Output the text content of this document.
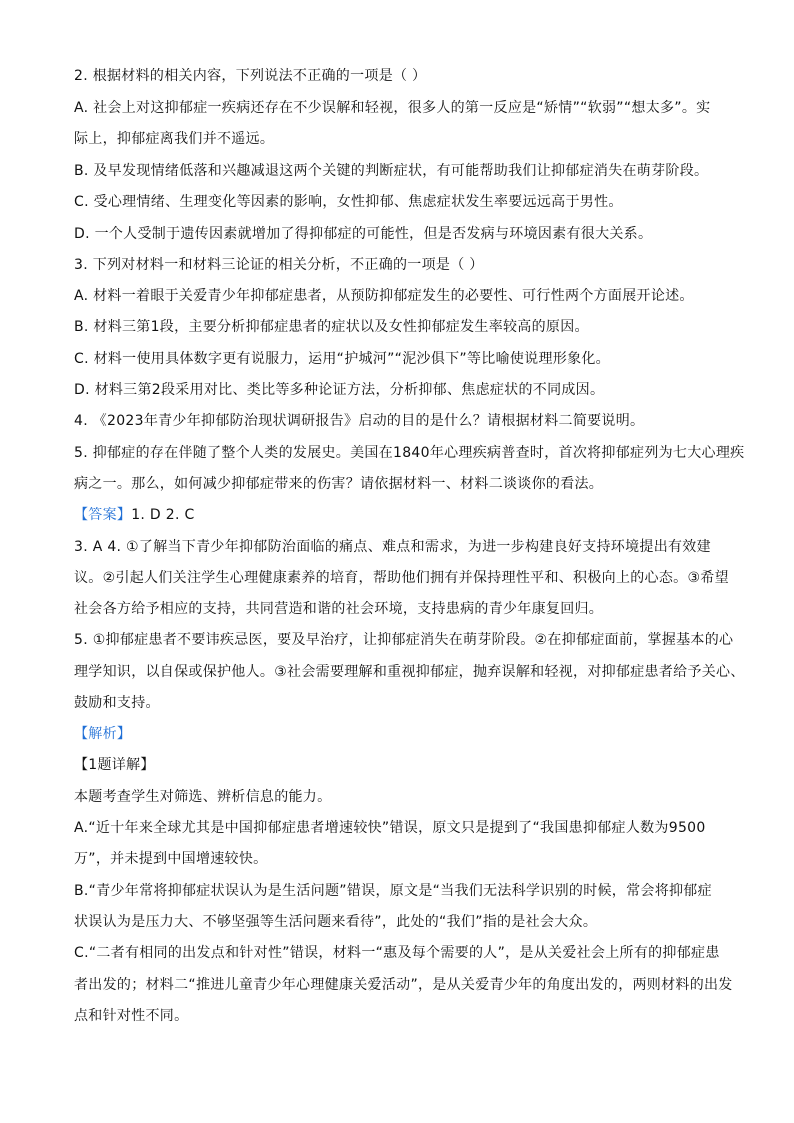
2. 根据材料的相关内容，下列说法不正确的一项是（ ）
A. 社会上对这抑郁症一疾病还存在不少误解和轻视，很多人的第一反应是“矫情”“软弱”“想太多”。实
际上，抑郁症离我们并不遥远。
B. 及早发现情绪低落和兴趣减退这两个关键的判断症状，有可能帮助我们让抑郁症消失在萌芽阶段。
C. 受心理情绪、生理变化等因素的影响，女性抑郁、焦虑症状发生率要远远高于男性。
D. 一个人受制于遗传因素就增加了得抑郁症的可能性，但是否发病与环境因素有很大关系。
3. 下列对材料一和材料三论证的相关分析，不正确的一项是（ ）
A. 材料一着眼于关爱青少年抑郁症患者，从预防抑郁症发生的必要性、可行性两个方面展开论述。
B. 材料三第1段，主要分析抑郁症患者的症状以及女性抑郁症发生率较高的原因。
C. 材料一使用具体数字更有说服力，运用“护城河”“泥沙俱下”等比喻使说理形象化。
D. 材料三第2段采用对比、类比等多种论证方法，分析抑郁、焦虑症状的不同成因。
4. 《2023年青少年抑郁防治现状调研报告》启动的目的是什么？请根据材料二简要说明。
5. 抑郁症的存在伴随了整个人类的发展史。美国在1840年心理疾病普查时，首次将抑郁症列为七大心理疾
病之一。那么，如何减少抑郁症带来的伤害？请依据材料一、材料二谈谈你的看法。
【答案】1. D 2. C
3. A 4. ①了解当下青少年抑郁防治面临的痛点、难点和需求，为进一步构建良好支持环境提出有效建
议。②引起人们关注学生心理健康素养的培育，帮助他们拥有并保持理性平和、积极向上的心态。③希望
社会各方给予相应的支持，共同营造和谐的社会环境，支持患病的青少年康复回归。
5. ①抑郁症患者不要讳疾忌医，要及早治疗，让抑郁症消失在萌芽阶段。②在抑郁症面前，掌握基本的心
理学知识，以自保或保护他人。③社会需要理解和重视抑郁症，抛弃误解和轻视，对抑郁症患者给予关心、
鼓励和支持。
【解析】
【1题详解】
本题考查学生对筛选、辨析信息的能力。
A.“近十年来全球尤其是中国抑郁症患者增速较快”错误，原文只是提到了“我国患抑郁症人数为9500
万”，并未提到中国增速较快。
B.“青少年常将抑郁症状误认为是生活问题”错误，原文是“当我们无法科学识别的时候，常会将抑郁症
状误认为是压力大、不够坚强等生活问题来看待”，此处的“我们”指的是社会大众。
C.“二者有相同的出发点和针对性”错误，材料一“惠及每个需要的人”，是从关爱社会上所有的抑郁症患
者出发的；材料二“推进儿童青少年心理健康关爱活动”，是从关爱青少年的角度出发的，两则材料的出发
点和针对性不同。
